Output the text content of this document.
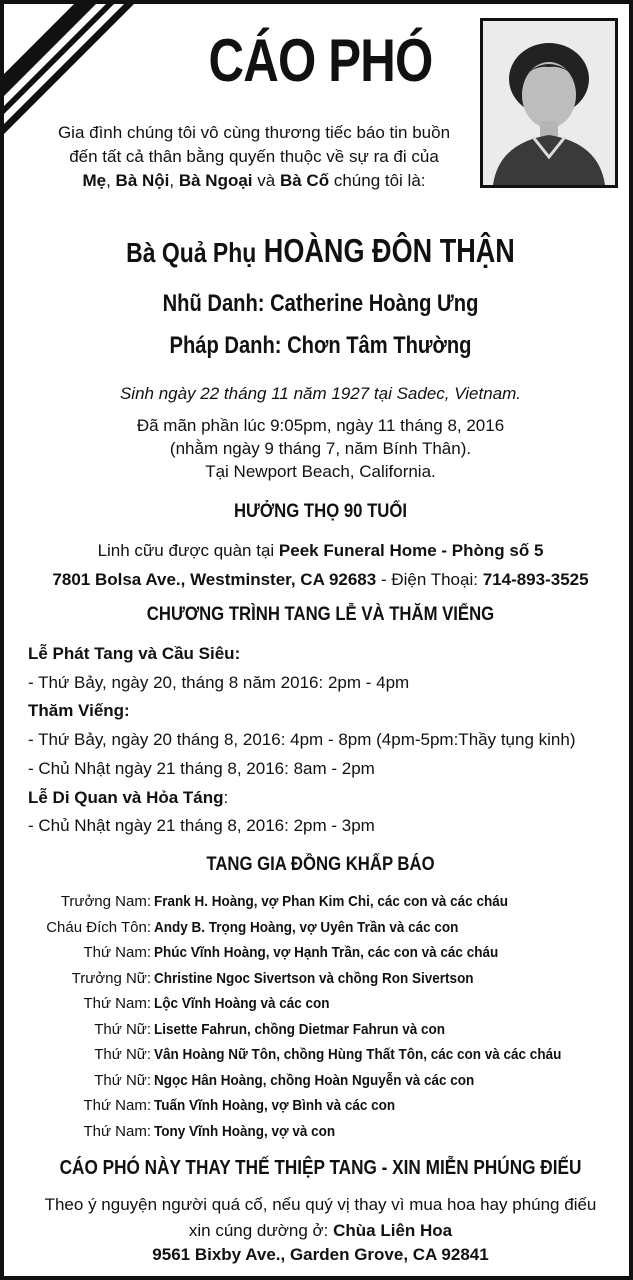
CÁO PHÓ
Gia đình chúng tôi vô cùng thương tiếc báo tin buồn
đến tất cả thân bằng quyến thuộc về sự ra đi của
Mẹ, Bà Nội, Bà Ngoại và Bà Cố chúng tôi là:
Bà Quả Phụ HOÀNG ĐÔN THẬN
Nhũ Danh: Catherine Hoàng Ưng
Pháp Danh: Chơn Tâm Thường
Sinh ngày 22 tháng 11 năm 1927 tại Sadec, Vietnam.
Đã mãn phần lúc 9:05pm, ngày 11 tháng 8, 2016
(nhằm ngày 9 tháng 7, năm Bính Thân).
Tại Newport Beach, California.
HƯỞNG THỌ 90 TUỔI
Linh cữu được quàn tại Peek Funeral Home - Phòng số 5
7801 Bolsa Ave., Westminster, CA 92683 - Điện Thoại: 714-893-3525
CHƯƠNG TRÌNH TANG LỄ VÀ THĂM VIẾNG
Lễ Phát Tang và Cầu Siêu:
- Thứ Bảy, ngày 20, tháng 8 năm 2016: 2pm - 4pm
Thăm Viếng:
- Thứ Bảy, ngày 20 tháng 8, 2016: 4pm - 8pm (4pm-5pm:Thầy tụng kinh)
- Chủ Nhật ngày 21 tháng 8, 2016: 8am - 2pm
Lễ Di Quan và Hỏa Táng:
- Chủ Nhật ngày 21 tháng 8, 2016: 2pm - 3pm
TANG GIA ĐỒNG KHẤP BÁO
Trưởng Nam: Frank H. Hoàng, vợ Phan Kim Chi, các con và các cháu
Cháu Đích Tôn: Andy B. Trọng Hoàng, vợ Uyên Trần và các con
Thứ Nam: Phúc Vĩnh Hoàng, vợ Hạnh Trần, các con và các cháu
Trưởng Nữ: Christine Ngoc Sivertson và chồng Ron Sivertson
Thứ Nam: Lộc Vĩnh Hoàng và các con
Thứ Nữ: Lisette Fahrun, chồng Dietmar Fahrun và con
Thứ Nữ: Vân Hoàng Nữ Tôn, chồng Hùng Thất Tôn, các con và các cháu
Thứ Nữ: Ngọc Hân Hoàng, chồng Hoàn Nguyễn và các con
Thứ Nam: Tuấn Vĩnh Hoàng, vợ Bình và các con
Thứ Nam: Tony Vĩnh Hoàng, vợ và con
CÁO PHÓ NÀY THAY THẾ THIỆP TANG - XIN MIỄN PHÚNG ĐIẾU
Theo ý nguyện người quá cố, nếu quý vị thay vì mua hoa hay phúng điếu
xin cúng dường ở: Chùa Liên Hoa
9561 Bixby Ave., Garden Grove, CA 92841
